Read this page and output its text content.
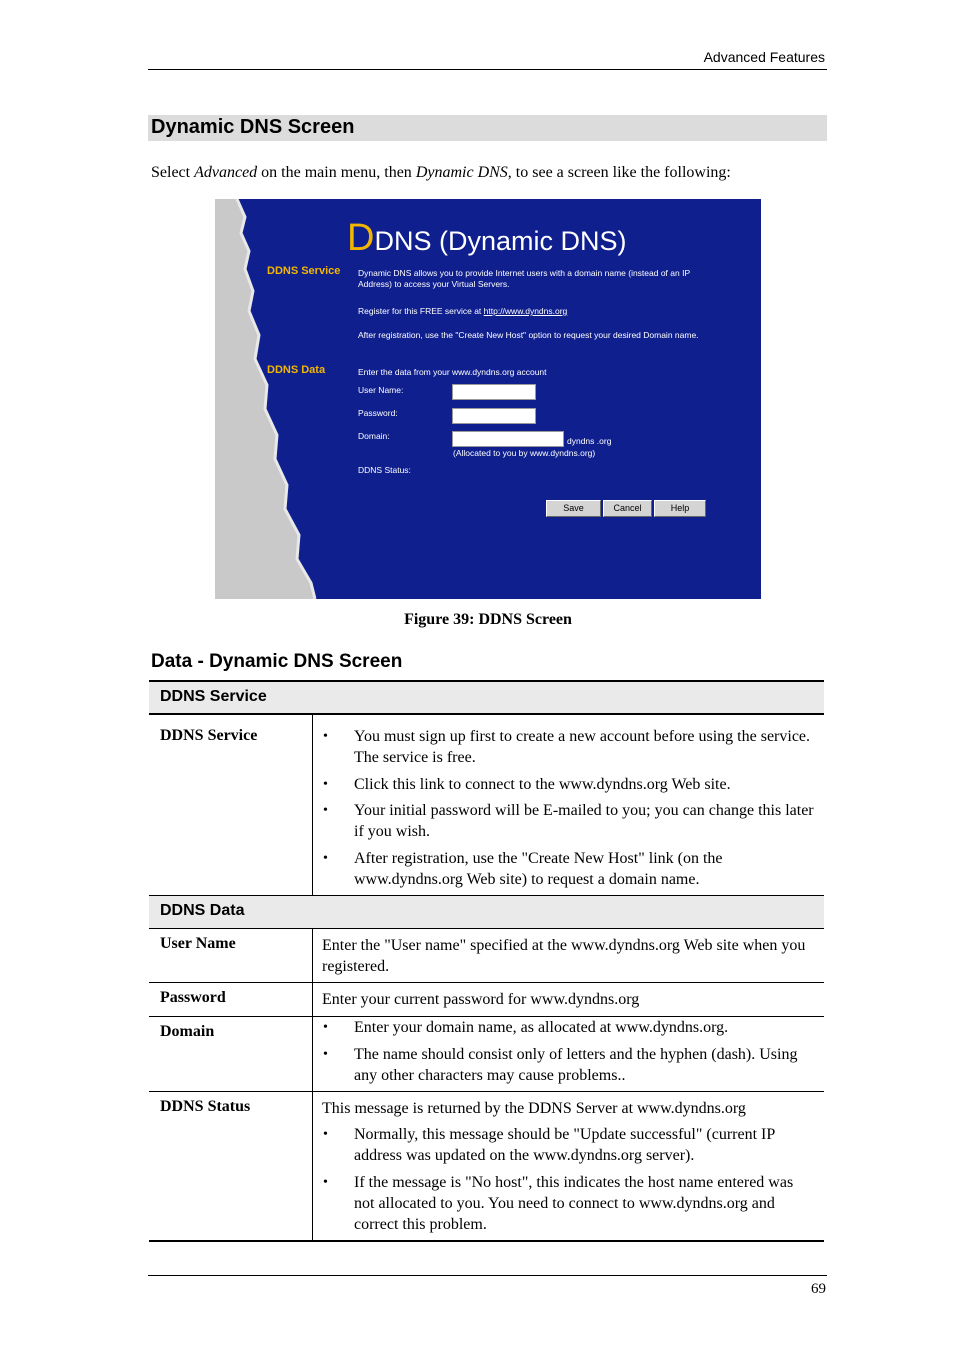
Advanced Features
Dynamic DNS Screen
Select Advanced on the main menu, then Dynamic DNS, to see a screen like the following:
DDNS (Dynamic DNS)
DDNS Service
DDNS Data
Dynamic DNS allows you to provide Internet users with a domain name (instead of an IP Address) to access your Virtual Servers.
Register for this FREE service at http://www.dyndns.org
After registration, use the "Create New Host" option to request your desired Domain name.
Enter the data from your www.dyndns.org account
User Name:
Password:
Domain:	dyndns .org
(Allocated to you by www.dyndns.org)
DDNS Status:
Save	Cancel	Help
Figure 39: DDNS Screen
Data - Dynamic DNS Screen
DDNS Service
DDNS Service	• You must sign up first to create a new account before using the service. The service is free.
• Click this link to connect to the www.dyndns.org Web site.
• Your initial password will be E-mailed to you; you can change this later if you wish.
• After registration, use the "Create New Host" link (on the www.dyndns.org Web site) to request a domain name.
DDNS Data
User Name	Enter the "User name" specified at the www.dyndns.org Web site when you registered.
Password	Enter your current password for www.dyndns.org
Domain	• Enter your domain name, as allocated at www.dyndns.org.
• The name should consist only of letters and the hyphen (dash). Using any other characters may cause problems..
DDNS Status	This message is returned by the DDNS Server at www.dyndns.org
• Normally, this message should be "Update successful" (current IP address was updated on the www.dyndns.org server).
• If the message is "No host", this indicates the host name entered was not allocated to you. You need to connect to www.dyndns.org and correct this problem.
69
